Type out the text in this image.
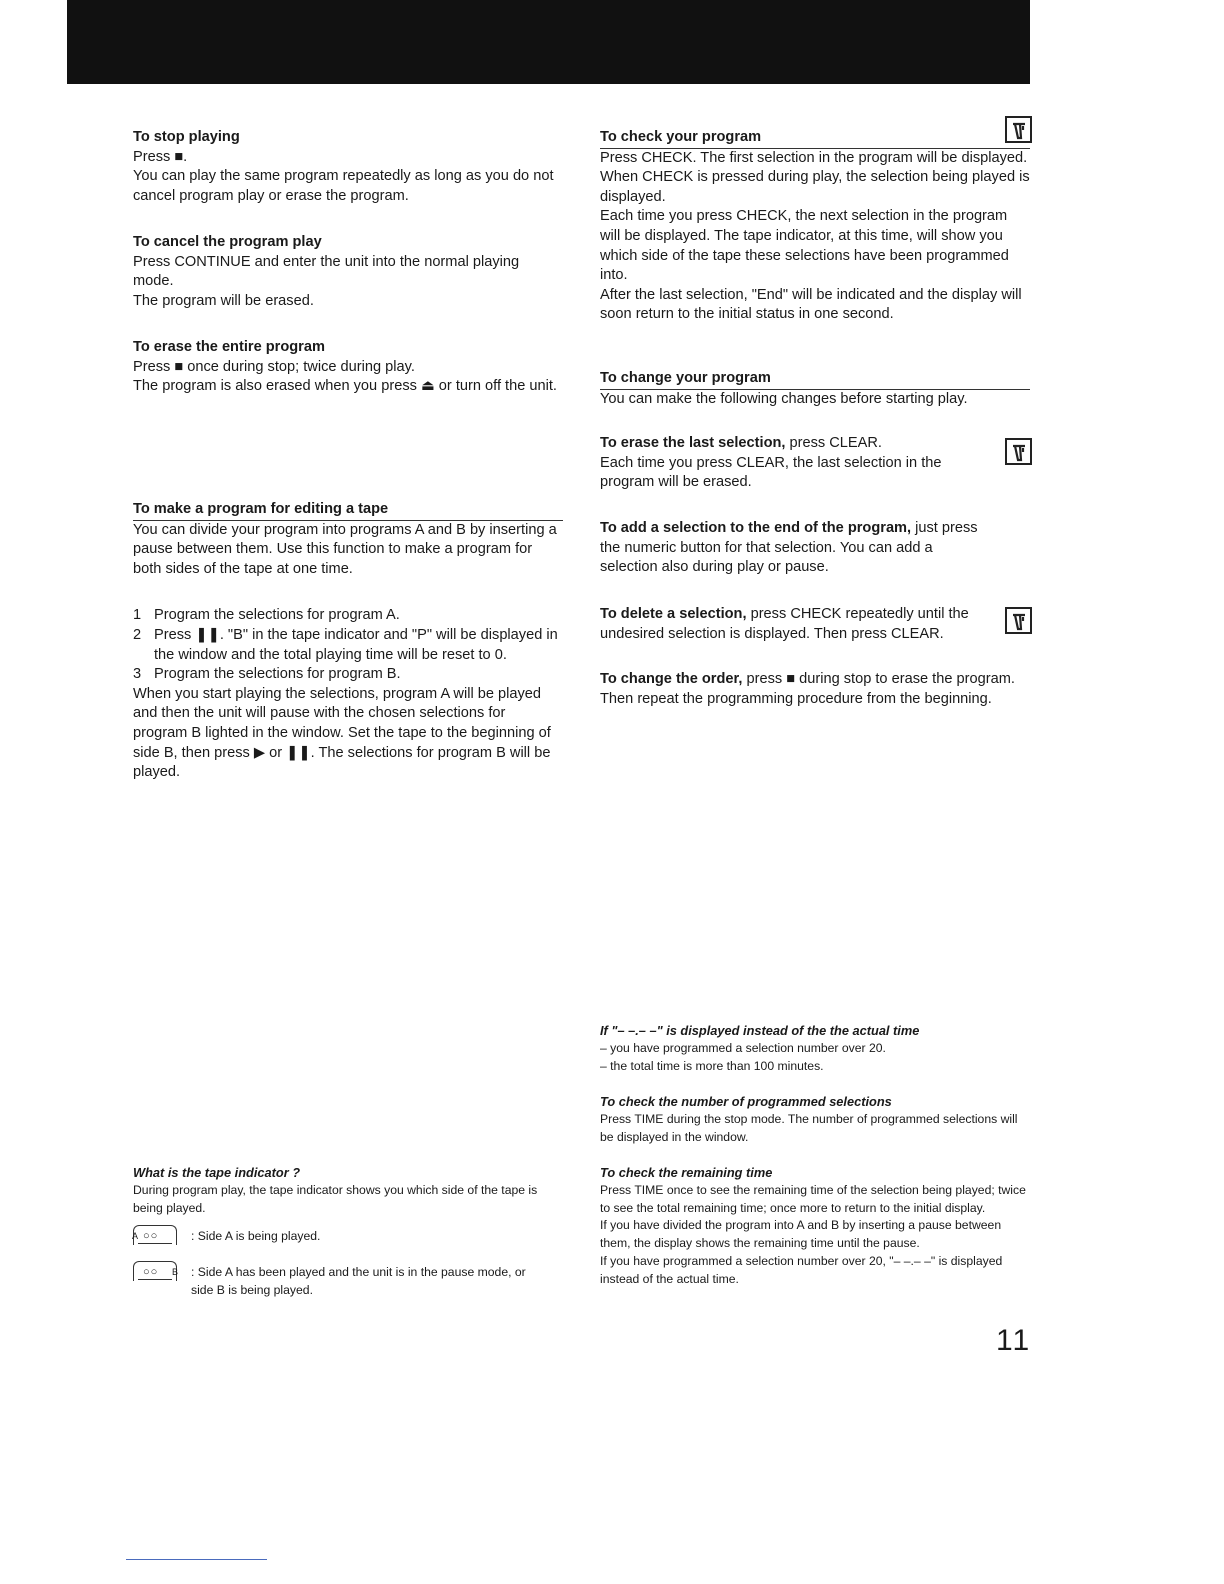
To stop playing

Press ■.

You can play the same program repeatedly as long as you do not cancel program play or erase the program.

To cancel the program play

Press CONTINUE and enter the unit into the normal playing mode.

The program will be erased.

To erase the entire program

Press ■ once during stop; twice during play.

The program is also erased when you press ⏏ or turn off the unit.

To make a program for editing a tape

You can divide your program into programs A and B by inserting a pause between them. Use this function to make a program for both sides of the tape at one time.

1 Program the selections for program A.
2 Press ❚❚. "B" in the tape indicator and "P" will be displayed in the window and the total playing time will be reset to 0.
3 Program the selections for program B.

When you start playing the selections, program A will be played and then the unit will pause with the chosen selections for program B lighted in the window. Set the tape to the beginning of side B, then press ▶ or ❚❚. The selections for program B will be played.

What is the tape indicator ?

During program play, the tape indicator shows you which side of the tape is being played.

A ○○	: Side A is being played.
B
○○	: Side A has been played and the unit is in the pause mode, or side B is being played.
To check your program

Press CHECK. The first selection in the program will be displayed. When CHECK is pressed during play, the selection being played is displayed.

Each time you press CHECK, the next selection in the program will be displayed. The tape indicator, at this time, will show you which side of the tape these selections have been programmed into.

After the last selection, "End" will be indicated and the display will soon return to the initial status in one second.

To change your program

You can make the following changes before starting play.

To erase the last selection, press CLEAR.

Each time you press CLEAR, the last selection in the program will be erased.

To add a selection to the end of the program, just press the numeric button for that selection. You can add a selection also during play or pause.

To delete a selection, press CHECK repeatedly until the undesired selection is displayed. Then press CLEAR.

To change the order, press ■ during stop to erase the program. Then repeat the programming procedure from the beginning.

If "– –.– –" is displayed instead of the the actual time

– you have programmed a selection number over 20.

– the total time is more than 100 minutes.

To check the number of programmed selections

Press TIME during the stop mode. The number of programmed selections will be displayed in the window.

To check the remaining time

Press TIME once to see the remaining time of the selection being played; twice to see the total remaining time; once more to return to the initial display.

If you have divided the program into A and B by inserting a pause between them, the display shows the remaining time until the pause.

If you have programmed a selection number over 20, "– –.– –" is displayed instead of the actual time.

11
